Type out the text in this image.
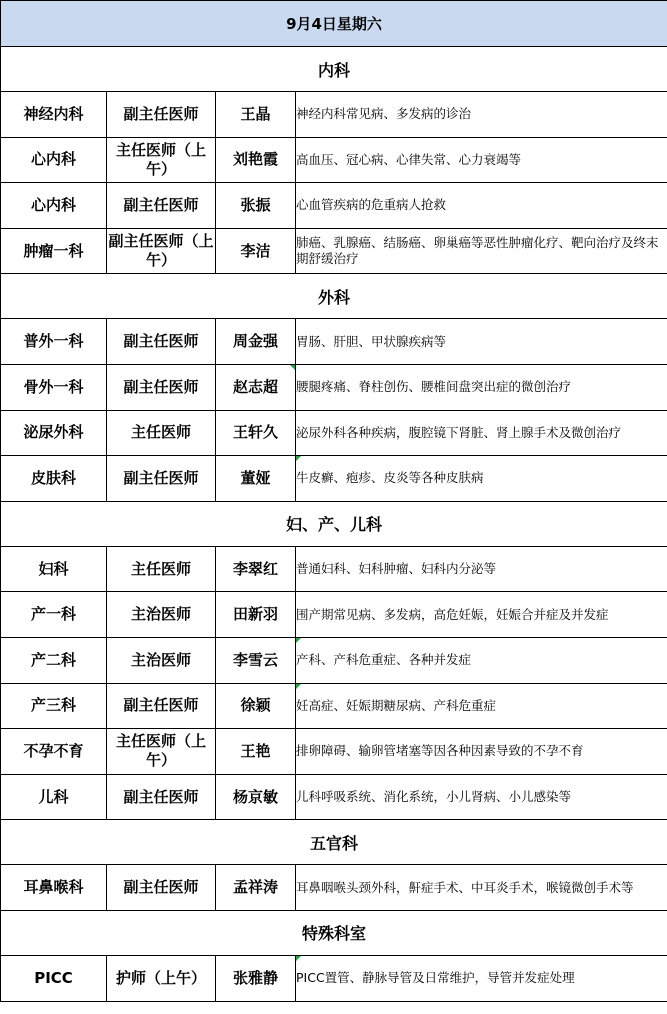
9月4日星期六			
内科			
神经内科	副主任医师	王晶	神经内科常见病、多发病的诊治
心内科	主任医师（上午）	刘艳霞	高血压、冠心病、心律失常、心力衰竭等
心内科	副主任医师	张振	心血管疾病的危重病人抢救
肿瘤一科	副主任医师（上午）	李洁	肺癌、乳腺癌、结肠癌、卵巢癌等恶性肿瘤化疗、靶向治疗及终末期舒缓治疗
外科			
普外一科	副主任医师	周金强	胃肠、肝胆、甲状腺疾病等
骨外一科	副主任医师	赵志超	腰腿疼痛、脊柱创伤、腰椎间盘突出症的微创治疗
泌尿外科	主任医师	王轩久	泌尿外科各种疾病，腹腔镜下肾脏、肾上腺手术及微创治疗
皮肤科	副主任医师	董娅	牛皮癣、疱疹、皮炎等各种皮肤病

妇、产、儿科			
妇科	主任医师	李翠红	普通妇科、妇科肿瘤、妇科内分泌等
产一科	主治医师	田新羽	围产期常见病、多发病，高危妊娠，妊娠合并症及并发症
产二科	主治医师	李雪云	产科、产科危重症、各种并发症

产三科	副主任医师	徐颖	妊高症、妊娠期糖尿病、产科危重症

不孕不育	主任医师（上午）	王艳	排卵障碍、输卵管堵塞等因各种因素导致的不孕不育
儿科	副主任医师	杨京敏	儿科呼吸系统、消化系统，小儿肾病、小儿感染等
五官科			
耳鼻喉科	副主任医师	孟祥涛	耳鼻咽喉头颈外科，鼾症手术、中耳炎手术，喉镜微创手术等
特殊科室			
PICC	护师（上午）	张雅静	PICC置管、静脉导管及日常维护，导管并发症处理
